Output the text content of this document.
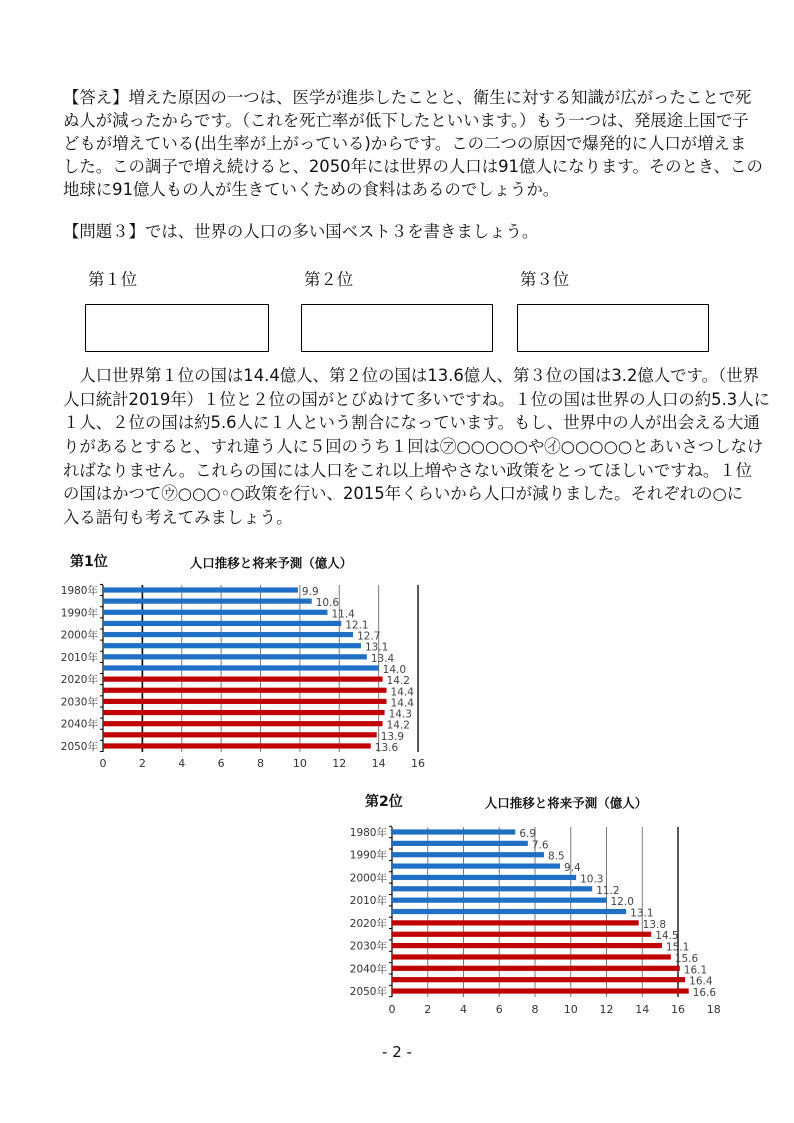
【答え】増えた原因の一つは、医学が進歩したことと、衛生に対する知識が広がったことで死
ぬ人が減ったからです。（これを死亡率が低下したといいます。）もう一つは、発展途上国で子
どもが増えている(出生率が上がっている)からです。この二つの原因で爆発的に人口が増えま
した。この調子で増え続けると、2050年には世界の人口は91億人になります。そのとき、この
地球に91億人もの人が生きていくための食料はあるのでしょうか。
【問題３】では、世界の人口の多い国ベスト３を書きましょう。
第１位	第２位	第３位
　人口世界第１位の国は14.4億人、第２位の国は13.6億人、第３位の国は3.2億人です。（世界
人口統計2019年）１位と２位の国がとびぬけて多いですね。１位の国は世界の人口の約5.3人に
１人、２位の国は約5.6人に１人という割合になっています。もし、世界中の人が出会える大通
りがあるとすると、すれ違う人に５回のうち１回は㋐○○○○○や㋑○○○○○とあいさつしなけ
ればなりません。これらの国には人口をこれ以上増やさない政策をとってほしいですね。１位
の国はかつて㋒○○○◦○政策を行い、2015年くらいから人口が減りました。それぞれの○に
入る語句も考えてみましょう。
第1位	人口推移と将来予測（億人）
0	2	4	6	8	10 12 14 16
9.9
10.6
11.4
12.1
12.7
13.1
13.4
14.0
14.2
14.4
14.4
14.3
14.2
13.9
13.6
1980年
1990年
2000年
2010年
2020年
2030年
2040年
2050年
第2位	人口推移と将来予測（億人）
0	2	4	6	8 10 12 14 16 18
6.9
7.6
8.5
9.4
10.3
11.2
12.0
13.1
13.8
14.5
15.1
15.6
16.1
16.4
16.6
1980年
1990年
2000年
2010年
2020年
2030年
2040年
2050年
- 2 -
